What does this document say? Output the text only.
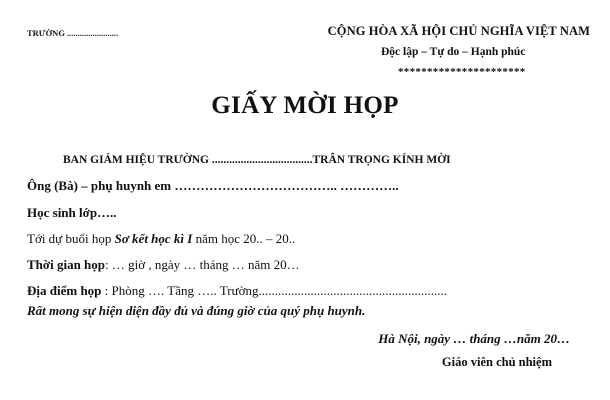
TRƯỜNG ........................	CỘNG HÒA XÃ HỘI CHỦ NGHĨA VIỆT NAM
Độc lập – Tự do – Hạnh phúc
**********************
GIẤY MỜI HỌP
BAN GIÁM HIỆU TRƯỜNG ...................................TRÂN TRỌNG KÍNH MỜI
Ông (Bà) – phụ huynh em ……………………………….. …………..
Học sinh lớp…..
Tới dự buổi họp Sơ kết học kì I năm học 20.. – 20..
Thời gian họp: … giờ , ngày … tháng … năm 20…
Địa điểm họp : Phòng …. Tầng ….. Trường..........................................................
Rất mong sự hiện diện đầy đủ và đúng giờ của quý phụ huynh.
Hà Nội, ngày … tháng …năm 20…
Giáo viên chủ nhiệm
